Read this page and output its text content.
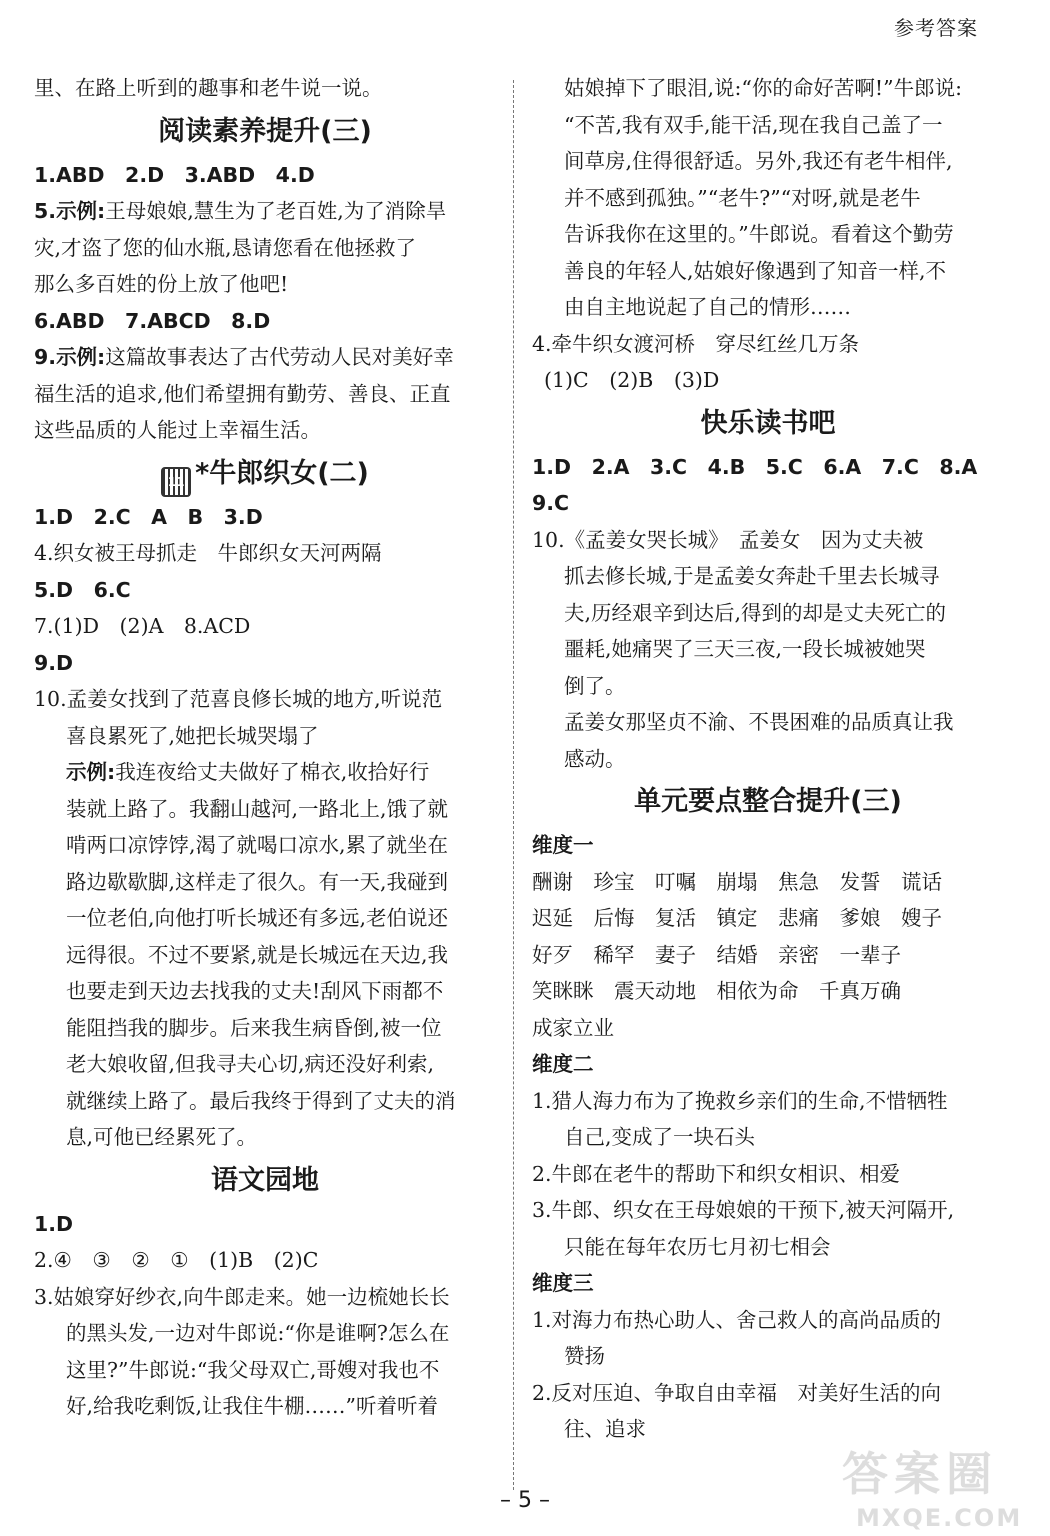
参考答案
里、在路上听到的趣事和老牛说一说。
阅读素养提升(三)
1.ABD　2.D　3.ABD　4.D
5.示例:王母娘娘,慧生为了老百姓,为了消除旱
灾,才盗了您的仙水瓶,恳请您看在他拯救了
那么多百姓的份上放了他吧!
6.ABD　7.ABCD　8.D
9.示例:这篇故事表达了古代劳动人民对美好幸
福生活的追求,他们希望拥有勤劳、善良、正直
这些品质的人能过上幸福生活。
11 *牛郎织女(二)
1.D　2.C　A　B　3.D
4.织女被王母抓走　牛郎织女天河两隔
5.D　6.C
7.(1)D　(2)A　8.ACD
9.D
10.孟姜女找到了范喜良修长城的地方,听说范
喜良累死了,她把长城哭塌了
示例:我连夜给丈夫做好了棉衣,收拾好行
装就上路了。我翻山越河,一路北上,饿了就
啃两口凉饽饽,渴了就喝口凉水,累了就坐在
路边歇歇脚,这样走了很久。有一天,我碰到
一位老伯,向他打听长城还有多远,老伯说还
远得很。不过不要紧,就是长城远在天边,我
也要走到天边去找我的丈夫!刮风下雨都不
能阻挡我的脚步。后来我生病昏倒,被一位
老大娘收留,但我寻夫心切,病还没好利索,
就继续上路了。最后我终于得到了丈夫的消
息,可他已经累死了。
语文园地
1.D
2.④　③　②　①　(1)B　(2)C
3.姑娘穿好纱衣,向牛郎走来。她一边梳她长长
的黑头发,一边对牛郎说:“你是谁啊?怎么在
这里?”牛郎说:“我父母双亡,哥嫂对我也不
好,给我吃剩饭,让我住牛棚……”听着听着
姑娘掉下了眼泪,说:“你的命好苦啊!”牛郎说:
“不苦,我有双手,能干活,现在我自己盖了一
间草房,住得很舒适。另外,我还有老牛相伴,
并不感到孤独。”“老牛?”“对呀,就是老牛
告诉我你在这里的。”牛郎说。看着这个勤劳
善良的年轻人,姑娘好像遇到了知音一样,不
由自主地说起了自己的情形……
4.牵牛织女渡河桥　穿尽红丝几万条
(1)C　(2)B　(3)D
快乐读书吧
1.D　2.A　3.C　4.B　5.C　6.A　7.C　8.A
9.C
10.《孟姜女哭长城》　孟姜女　因为丈夫被
抓去修长城,于是孟姜女奔赴千里去长城寻
夫,历经艰辛到达后,得到的却是丈夫死亡的
噩耗,她痛哭了三天三夜,一段长城被她哭
倒了。
孟姜女那坚贞不渝、不畏困难的品质真让我
感动。
单元要点整合提升(三)
维度一
酬谢　珍宝　叮嘱　崩塌　焦急　发誓　谎话
迟延　后悔　复活　镇定　悲痛　爹娘　嫂子
好歹　稀罕　妻子　结婚　亲密　一辈子
笑眯眯　震天动地　相依为命　千真万确
成家立业
维度二
1.猎人海力布为了挽救乡亲们的生命,不惜牺牲
自己,变成了一块石头
2.牛郎在老牛的帮助下和织女相识、相爱
3.牛郎、织女在王母娘娘的干预下,被天河隔开,
只能在每年农历七月初七相会
维度三
1.对海力布热心助人、舍己救人的高尚品质的
赞扬
2.反对压迫、争取自由幸福　对美好生活的向
往、追求
– 5 –	答案圈
MXQE.COM
